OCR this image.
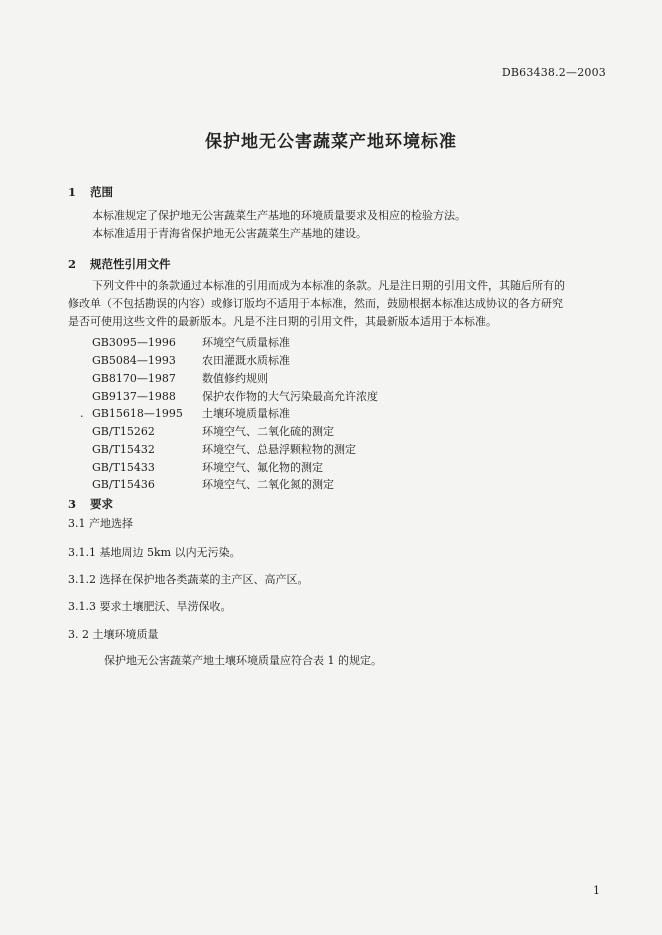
DB63438.2—2003
保护地无公害蔬菜产地环境标准
1 范围
本标准规定了保护地无公害蔬菜生产基地的环境质量要求及相应的检验方法。
本标准适用于青海省保护地无公害蔬菜生产基地的建设。
2 规范性引用文件
下列文件中的条款通过本标准的引用而成为本标准的条款。凡是注日期的引用文件，其随后所有的
修改单（不包括勘误的内容）或修订版均不适用于本标准，然而，鼓励根据本标准达成协议的各方研究
是否可使用这些文件的最新版本。凡是不注日期的引用文件，其最新版本适用于本标准。
GB3095—1996 环境空气质量标准
GB5084—1993 农田灌溉水质标准
GB8170—1987 数值修约规则
GB9137—1988 保护农作物的大气污染最高允许浓度
· GB15618—1995 土壤环境质量标准
GB/T15262	环境空气、二氧化硫的测定
GB/T15432	环境空气、总悬浮颗粒物的测定
GB/T15433	环境空气、氟化物的测定
GB/T15436	环境空气、二氧化氮的测定
3 要求
3.1 产地选择
3.1.1 基地周边 5km 以内无污染。
3.1.2 选择在保护地各类蔬菜的主产区、高产区。
3.1.3 要求土壤肥沃、旱涝保收。
3. 2 土壤环境质量
保护地无公害蔬菜产地土壤环境质量应符合表 1 的规定。
1
